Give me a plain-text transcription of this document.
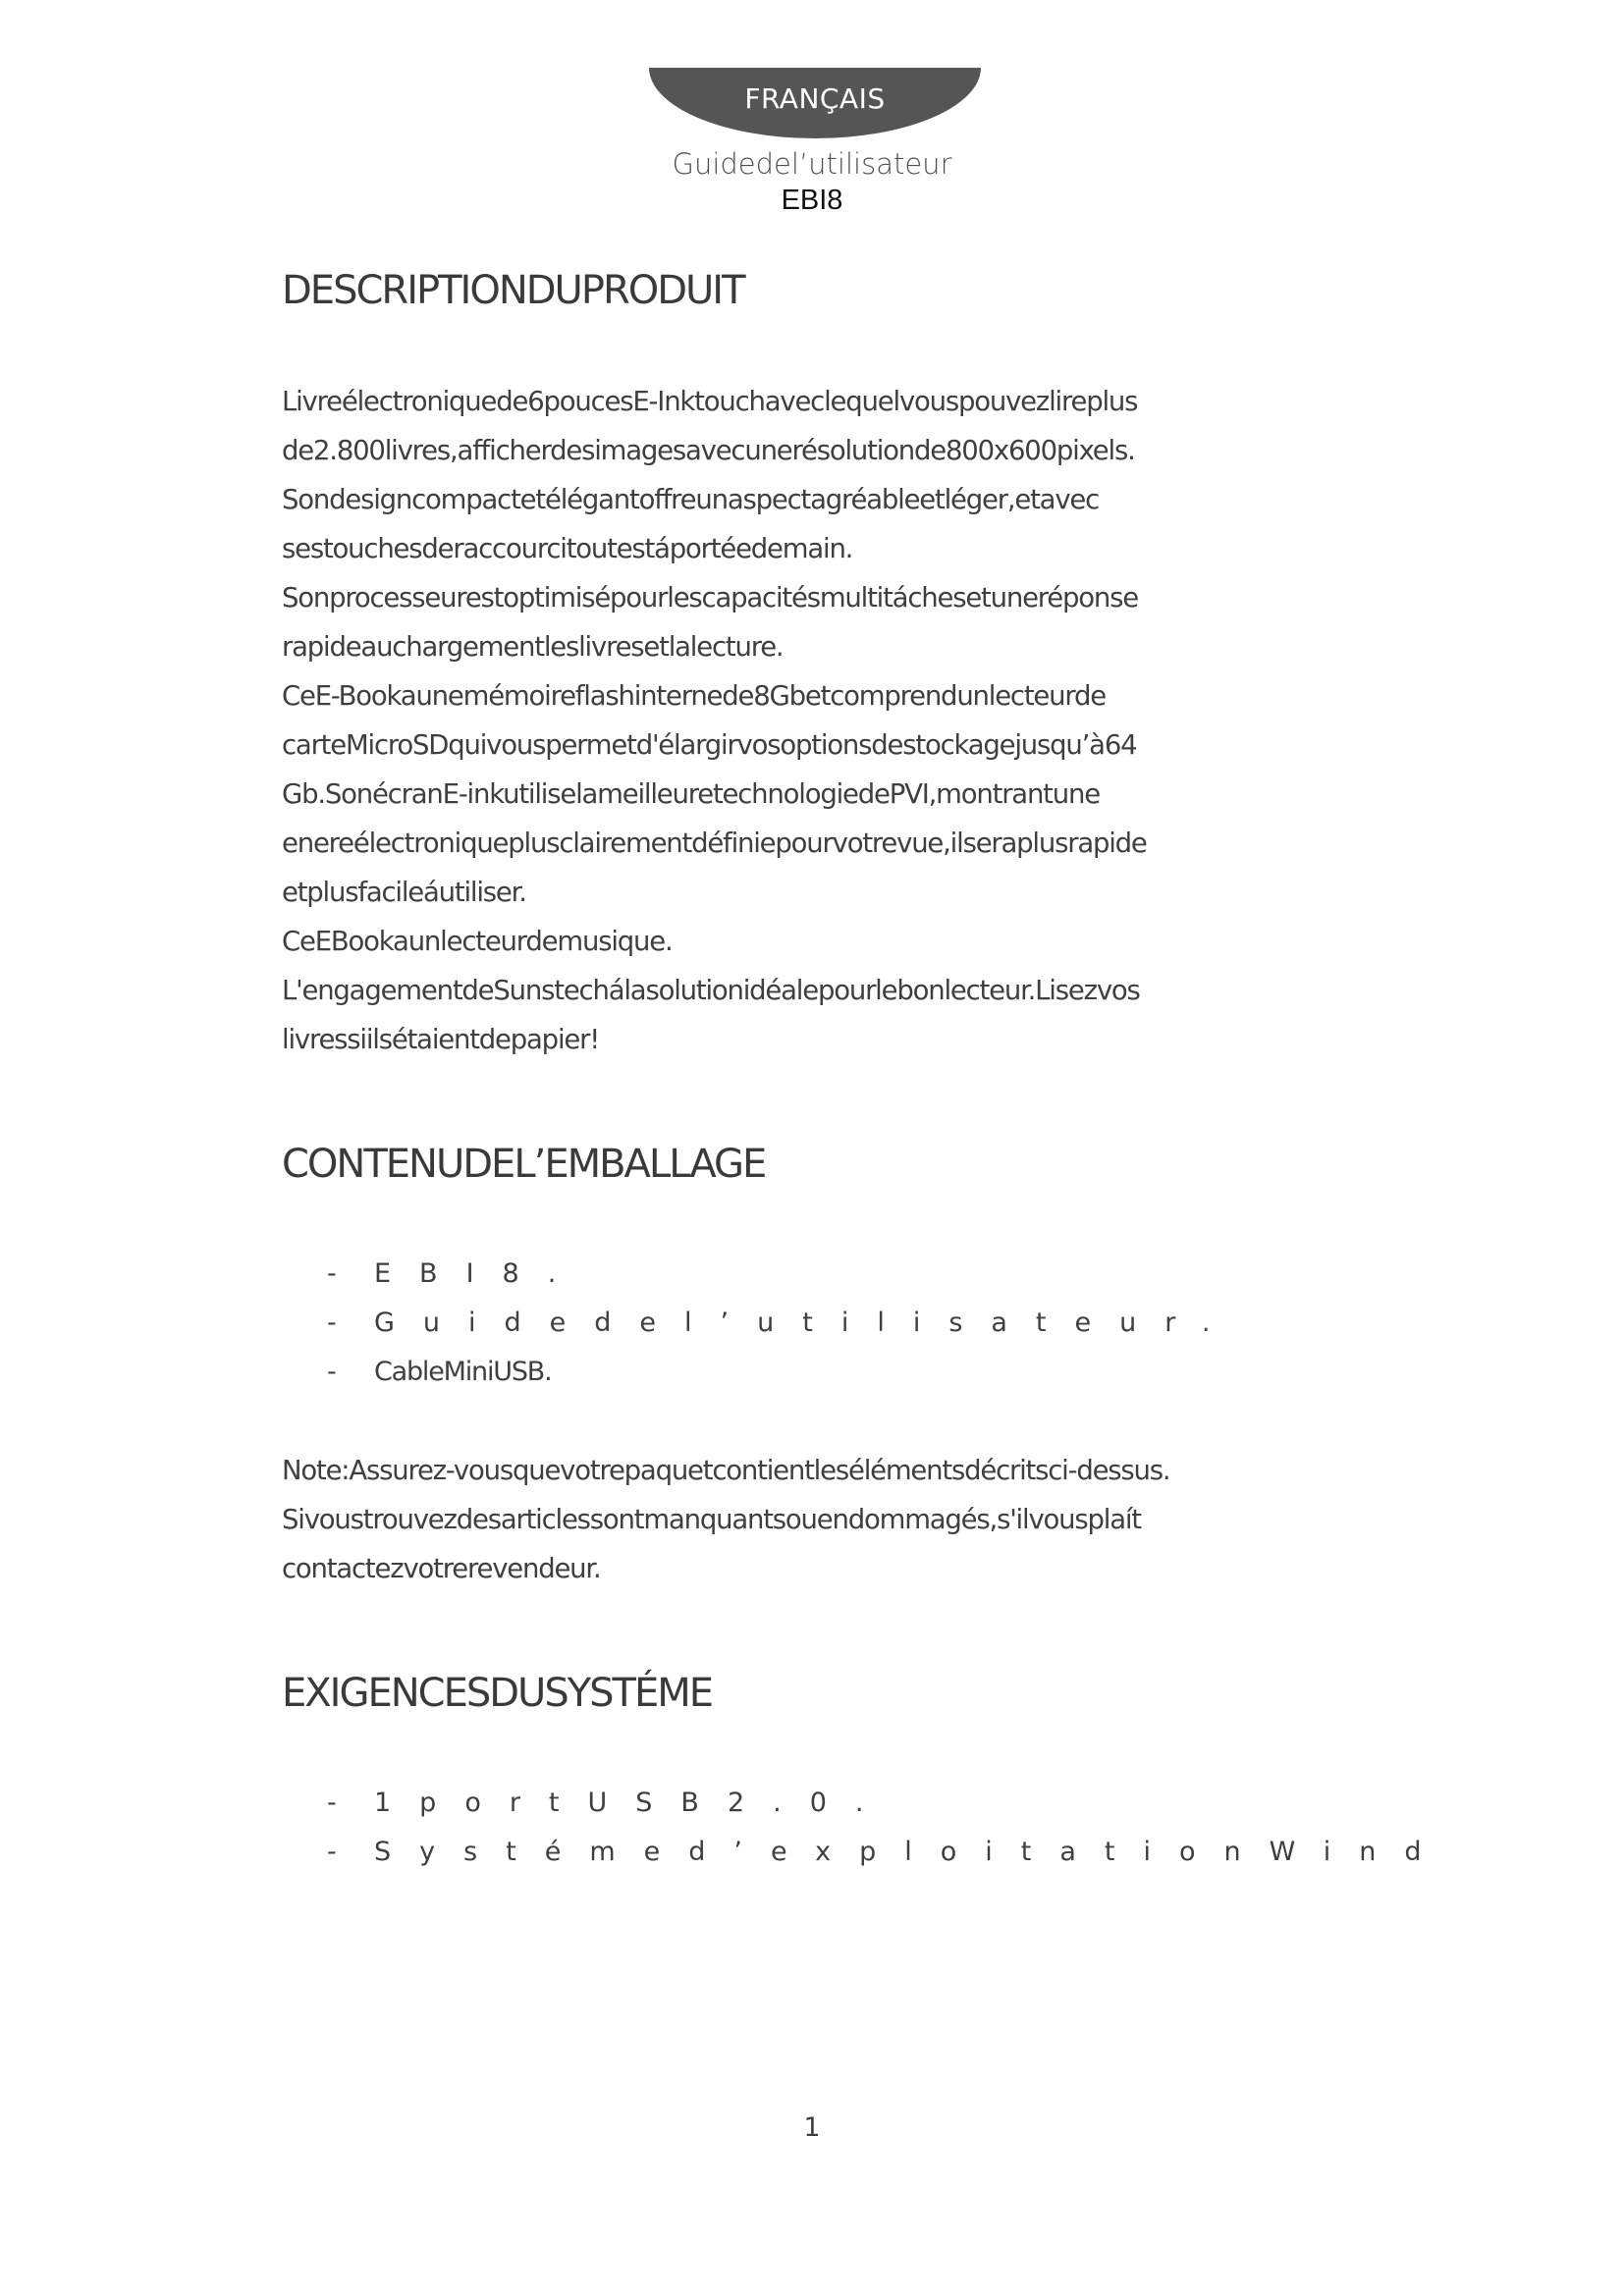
FRANÇAIS
Guidedel’utilisateur
EBI8
DESCRIPTIONDUPRODUIT
Livreélectroniquede6poucesE-Inktouchaveclequelvouspouvezlireplus
de2.800livres,afficherdesimagesavecunerésolutionde800x600pixels.
Sondesigncompactetélégantoffreunaspectagréableetléger,etavec
sestouchesderaccourcitoutestáportéedemain.
Sonprocesseurestoptimisépourlescapacitésmultitáchesetuneréponse
rapideauchargementleslivresetlalecture.
CeE-Bookaunemémoireflashinternede8Gbetcomprendunlecteurde
carteMicroSDquivouspermetd'élargirvosoptionsdestockagejusqu’à64
Gb.SonécranE-inkutiliselameilleuretechnologiedePVI,montrantune
enereélectroniqueplusclairementdéfiniepourvotrevue,ilseraplusrapide
etplusfacileáutiliser.
CeEBookaunlecteurdemusique.
L'engagementdeSunstechálasolutionidéalepourlebonlecteur.Lisezvos
livressiilsétaientdepapier!
CONTENUDEL’EMBALLAGE
-	EBI8.
-	Guidedel’utilisateur.
-	CableMiniUSB.
Note:Assurez-vousquevotrepaquetcontientlesélémentsdécritsci-dessus.
Sivoustrouvezdesarticlessontmanquantsouendommagés,s'ilvousplaít
contactezvotrerevendeur.
EXIGENCESDUSYSTÉME
-	1portUSB2.0.
-	Systémed’exploitationWind
1
